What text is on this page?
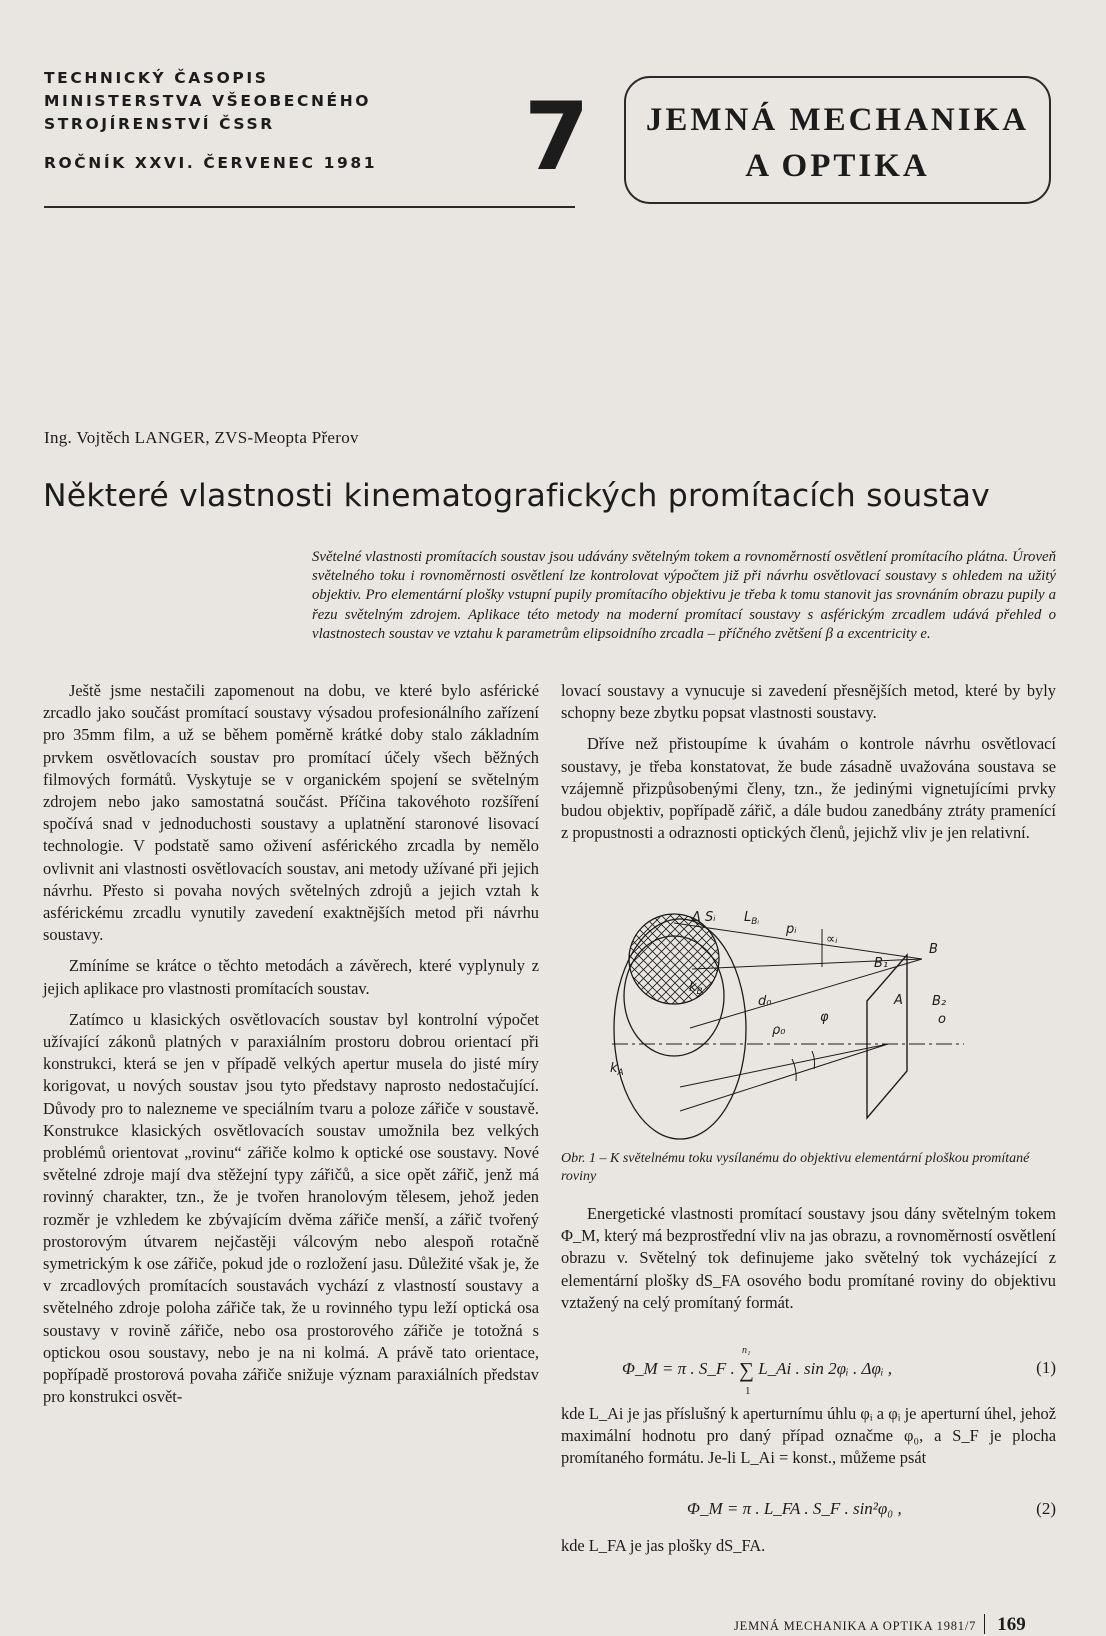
TECHNICKÝ ČASOPIS
MINISTERSTVA VŠEOBECNÉHO
STROJÍRENSTVÍ ČSSR
ROČNÍK XXVI. ČERVENEC 1981	7	JEMNÁ MECHANIKA
A OPTIKA
Ing. Vojtěch LANGER, ZVS-Meopta Přerov
Některé vlastnosti kinematografických promítacích soustav
Světelné vlastnosti promítacích soustav jsou udávány světelným tokem a rovnoměrností osvětlení promítacího plátna. Úroveň světelného toku i rovnoměrnosti osvětlení lze kontrolovat výpočtem již při návrhu osvětlovací soustavy s ohledem na užitý objektiv. Pro elementární plošky vstupní pupily promítacího objektivu je třeba k tomu stanovit jas srovnáním obrazu pupily a řezu světelným zdrojem. Aplikace této metody na moderní promítací soustavy s asférickým zrcadlem udává přehled o vlastnostech soustav ve vztahu k parametrům elipsoidního zrcadla – příčného zvětšení β a excentricity e.

Ještě jsme nestačili zapomenout na dobu, ve které bylo asférické zrcadlo jako součást promítací soustavy výsadou profesionálního zařízení pro 35mm film, a už se během poměrně krátké doby stalo základním prvkem osvětlovacích soustav pro promítací účely všech běžných filmových formátů. Vyskytuje se v organickém spojení se světelným zdrojem nebo jako samostatná součást. Příčina takovéhoto rozšíření spočívá snad v jednoduchosti soustavy a uplatnění staronové lisovací technologie. V podstatě samo oživení asférického zrcadla by nemělo ovlivnit ani vlastnosti osvětlovacích soustav, ani metody užívané při jejich návrhu. Přesto si povaha nových světelných zdrojů a jejich vztah k asférickému zrcadlu vynutily zavedení exaktnějších metod při návrhu soustavy.

Zmíníme se krátce o těchto metodách a závěrech, které vyplynuly z jejich aplikace pro vlastnosti promítacích soustav.

Zatímco u klasických osvětlovacích soustav byl kontrolní výpočet užívající zákonů platných v paraxiálním prostoru dobrou orientací při konstrukci, která se jen v případě velkých apertur musela do jisté míry korigovat, u nových soustav jsou tyto představy naprosto nedostačující. Důvody pro to nalezneme ve speciálním tvaru a poloze zářiče v soustavě. Konstrukce klasických osvětlovacích soustav umožnila bez velkých problémů orientovat „rovinu“ zářiče kolmo k optické ose soustavy. Nové světelné zdroje mají dva stěžejní typy zářičů, a sice opět zářič, jenž má rovinný charakter, tzn., že je tvořen hranolovým tělesem, jehož jeden rozměr je vzhledem ke zbývajícím dvěma zářiče menší, a zářič tvořený prostorovým útvarem nejčastěji válcovým nebo alespoň rotačně symetrickým k ose zářiče, pokud jde o rozložení jasu. Důležité však je, že v zrcadlových promítacích soustavách vychází z vlastností soustavy a světelného zdroje poloha zářiče tak, že u rovinného typu leží optická osa soustavy v rovině zářiče, nebo osa prostorového zářiče je totožná s optickou osou soustavy, nebo je na ni kolmá. A právě tato orientace, popřípadě prostorová povaha zářiče snižuje význam paraxiálních představ pro konstrukci osvět-

lovací soustavy a vynucuje si zavedení přesnějších metod, které by byly schopny beze zbytku popsat vlastnosti soustavy.

Dříve než přistoupíme k úvahám o kontrole návrhu osvětlovací soustavy, je třeba konstatovat, že bude zásadně uvažována soustava se vzájemně přizpůsobenými členy, tzn., že jedinými vignetujícími prvky budou objektiv, popřípadě zářič, a dále budou zanedbány ztráty pramenící z propustnosti a odraznosti optických členů, jejichž vliv je jen relativní.

Δ Sᵢ $L_{Bᵢ}$ pᵢ
∝ᵢ
B
B₁
B₂
$k_B$
d₀	A
o
ρ₀
φ
$k_A$
Obr. 1 – K světelnému toku vysílanému do objektivu elementární ploškou promítané roviny

Energetické vlastnosti promítací soustavy jsou dány světelným tokem Φ_M, který má bezprostřední vliv na jas obrazu, a rovnoměrností osvětlení obrazu v. Světelný tok definujeme jako světelný tok vycházející z elementární plošky dS_FA osového bodu promítané roviny do objektivu vztažený na celý promítaný formát.

Φ_M = π . S_F . ∑
n₁
1
L_Ai . sin 2φᵢ . Δφᵢ ,	(1)
kde L_Ai je jas příslušný k aperturnímu úhlu φᵢ a φᵢ je aperturní úhel, jehož maximální hodnotu pro daný případ označme φ₀, a S_F je plocha promítaného formátu. Je-li L_Ai = konst., můžeme psát
Φ_M = π . L_FA . S_F . sin²φ₀ ,	(2)
kde L_FA je jas plošky dS_FA.
JEMNÁ MECHANIKA A OPTIKA 1981/7 169
